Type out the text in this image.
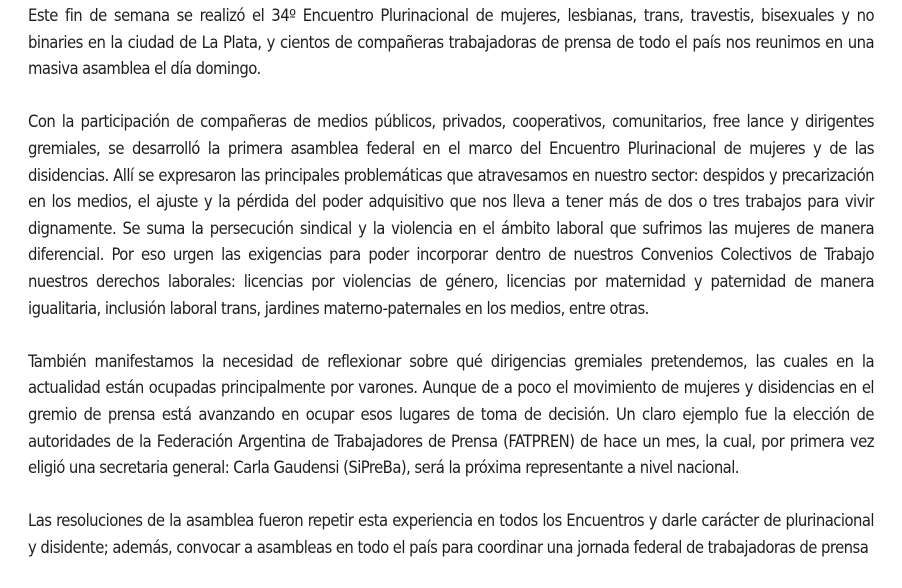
Este fin de semana se realizó el 34º Encuentro Plurinacional de mujeres, lesbianas, trans, travestis, bisexuales y no binaries en la ciudad de La Plata, y cientos de compañeras trabajadoras de prensa de todo el país nos reunimos en una masiva asamblea el día domingo.

Con la participación de compañeras de medios públicos, privados, cooperativos, comunitarios, free lance y dirigentes gremiales, se desarrolló la primera asamblea federal en el marco del Encuentro Plurinacional de mujeres y de las disidencias. Allí se expresaron las principales problemáticas que atravesamos en nuestro sector: despidos y precarización en los medios, el ajuste y la pérdida del poder adquisitivo que nos lleva a tener más de dos o tres trabajos para vivir dignamente. Se suma la persecución sindical y la violencia en el ámbito laboral que sufrimos las mujeres de manera diferencial. Por eso urgen las exigencias para poder incorporar dentro de nuestros Convenios Colectivos de Trabajo nuestros derechos laborales: licencias por violencias de género, licencias por maternidad y paternidad de manera igualitaria, inclusión laboral trans, jardines materno-paternales en los medios, entre otras.

También manifestamos la necesidad de reflexionar sobre qué dirigencias gremiales pretendemos, las cuales en la actualidad están ocupadas principalmente por varones. Aunque de a poco el movimiento de mujeres y disidencias en el gremio de prensa está avanzando en ocupar esos lugares de toma de decisión. Un claro ejemplo fue la elección de autoridades de la Federación Argentina de Trabajadores de Prensa (FATPREN) de hace un mes, la cual, por primera vez eligió una secretaria general: Carla Gaudensi (SiPreBa), será la próxima representante a nivel nacional.

Las resoluciones de la asamblea fueron repetir esta experiencia en todos los Encuentros y darle carácter de plurinacional y disidente; además, convocar a asambleas en todo el país para coordinar una jornada federal de trabajadoras de prensa
